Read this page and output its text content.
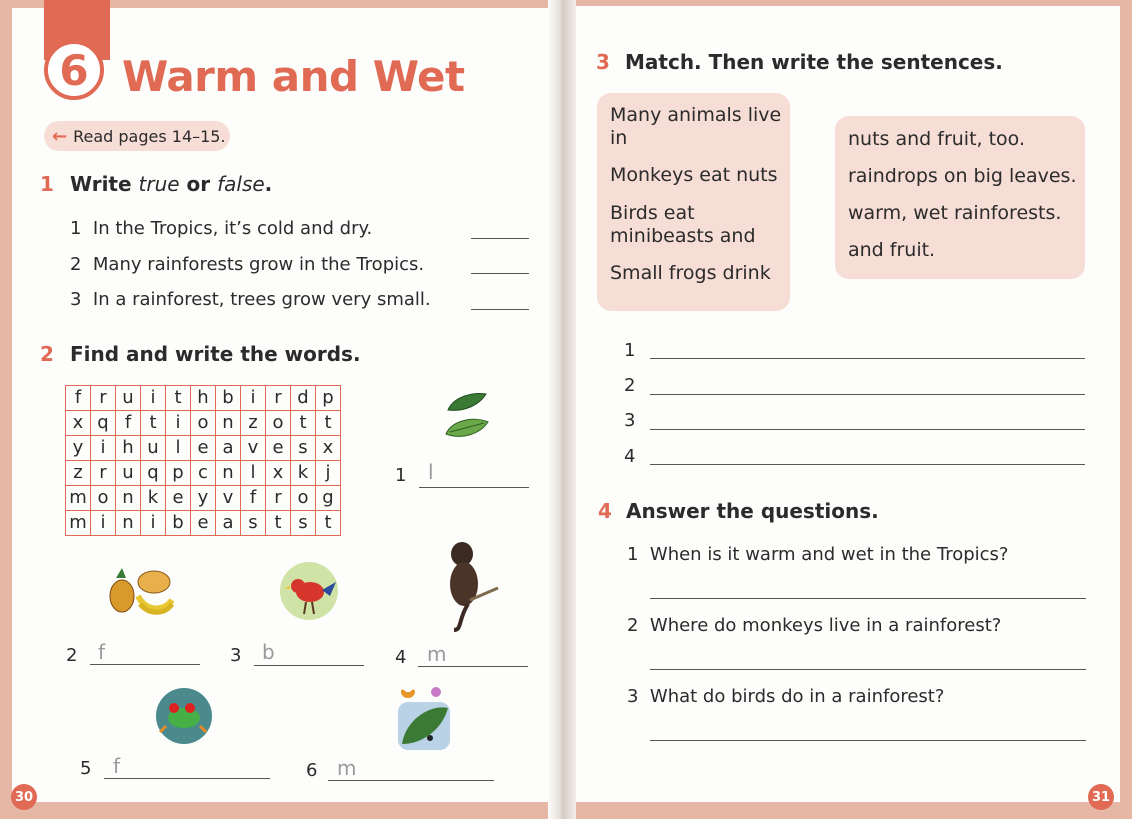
6 Warm and Wet
← Read pages 14–15.
1 Write true or false.
1 In the Tropics, it’s cold and dry.
2 Many rainforests grow in the Tropics.
3 In a rainforest, trees grow very small.
2 Find and write the words.
f	r	u	i	t	h	b	i	r	d	p
x	q	f	t	i	o	n	z	o	t	t
y	i	h	u	l	e	a	v	e	s	x
z	r	u	q	p	c	n	l	x	k	j
m	o	n	k	e	y	v	f	r	o	g
m	i	n	i	b	e	a	s	t	s	t
1 l
2 f	3 b	4 m
5 f	6 m
3 Match. Then write the sentences.
Many animals live in
Monkeys eat nuts
Birds eat minibeasts and
Small frogs drink
nuts and fruit, too.
raindrops on big leaves.
warm, wet rainforests.
and fruit.
1
2
3
4
4 Answer the questions.
1 When is it warm and wet in the Tropics?
2 Where do monkeys live in a rainforest?
3 What do birds do in a rainforest?
30	31
